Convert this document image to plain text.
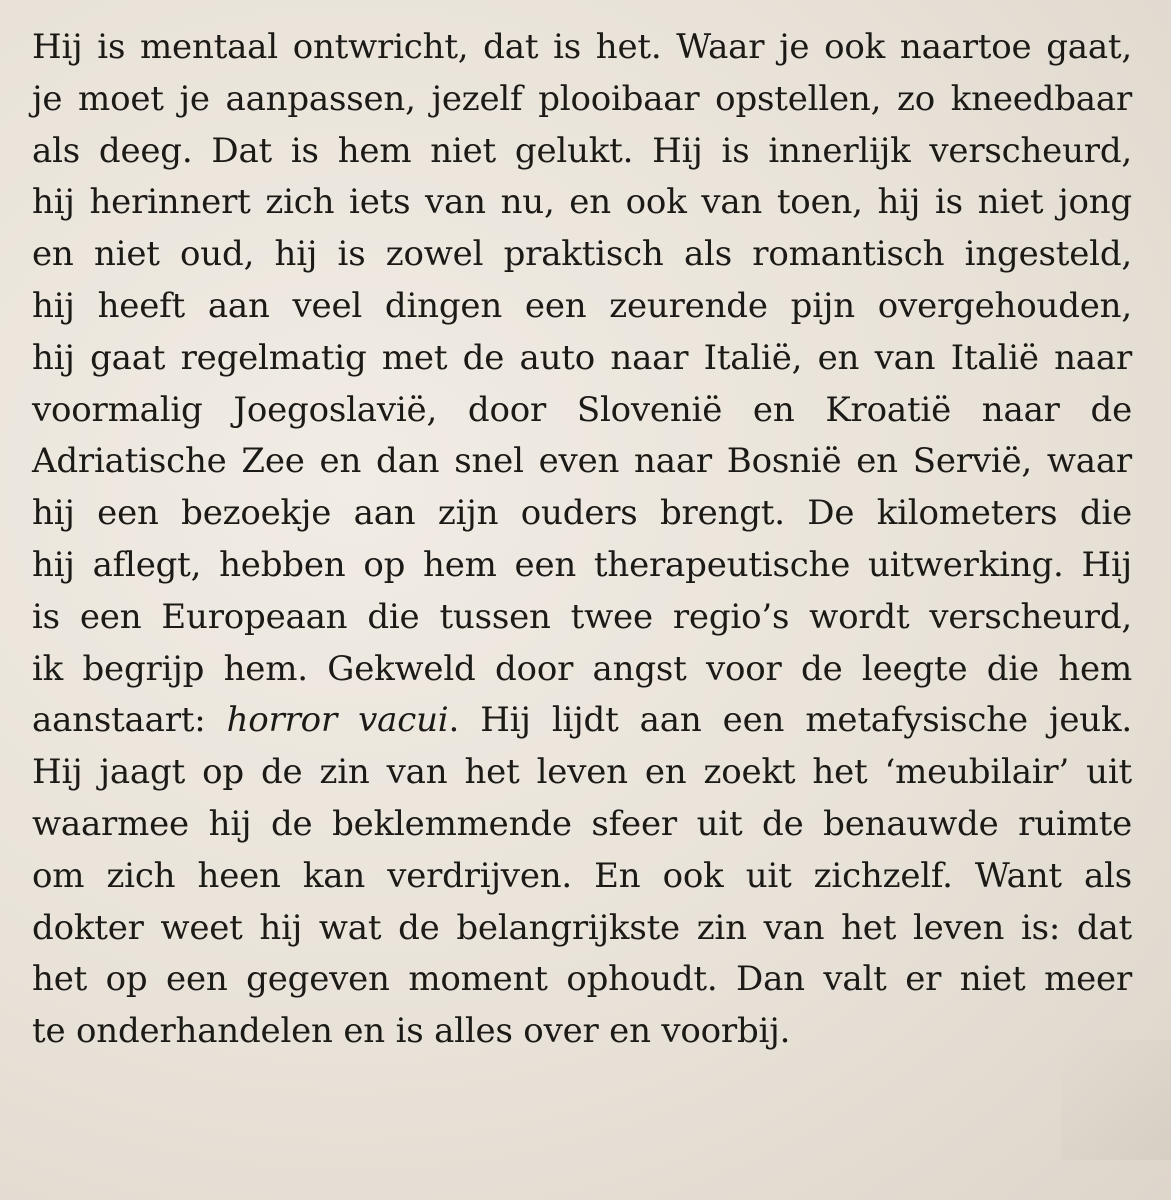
Hij is mentaal ontwricht, dat is het. Waar je ook naartoe gaat,
je moet je aanpassen, jezelf plooibaar opstellen, zo kneedbaar
als deeg. Dat is hem niet gelukt. Hij is innerlijk verscheurd,
hij herinnert zich iets van nu, en ook van toen, hij is niet jong
en niet oud, hij is zowel praktisch als romantisch ingesteld,
hij heeft aan veel dingen een zeurende pijn overgehouden,
hij gaat regelmatig met de auto naar Italië, en van Italië naar
voormalig Joegoslavië, door Slovenië en Kroatië naar de
Adriatische Zee en dan snel even naar Bosnië en Servië, waar
hij een bezoekje aan zijn ouders brengt. De kilometers die
hij aflegt, hebben op hem een therapeutische uitwerking. Hij
is een Europeaan die tussen twee regio’s wordt verscheurd,
ik begrijp hem. Gekweld door angst voor de leegte die hem
aanstaart: horror vacui. Hij lijdt aan een metafysische jeuk.
Hij jaagt op de zin van het leven en zoekt het ‘meubilair’ uit
waarmee hij de beklemmende sfeer uit de benauwde ruimte
om zich heen kan verdrijven. En ook uit zichzelf. Want als
dokter weet hij wat de belangrijkste zin van het leven is: dat
het op een gegeven moment ophoudt. Dan valt er niet meer
te onderhandelen en is alles over en voorbij.
